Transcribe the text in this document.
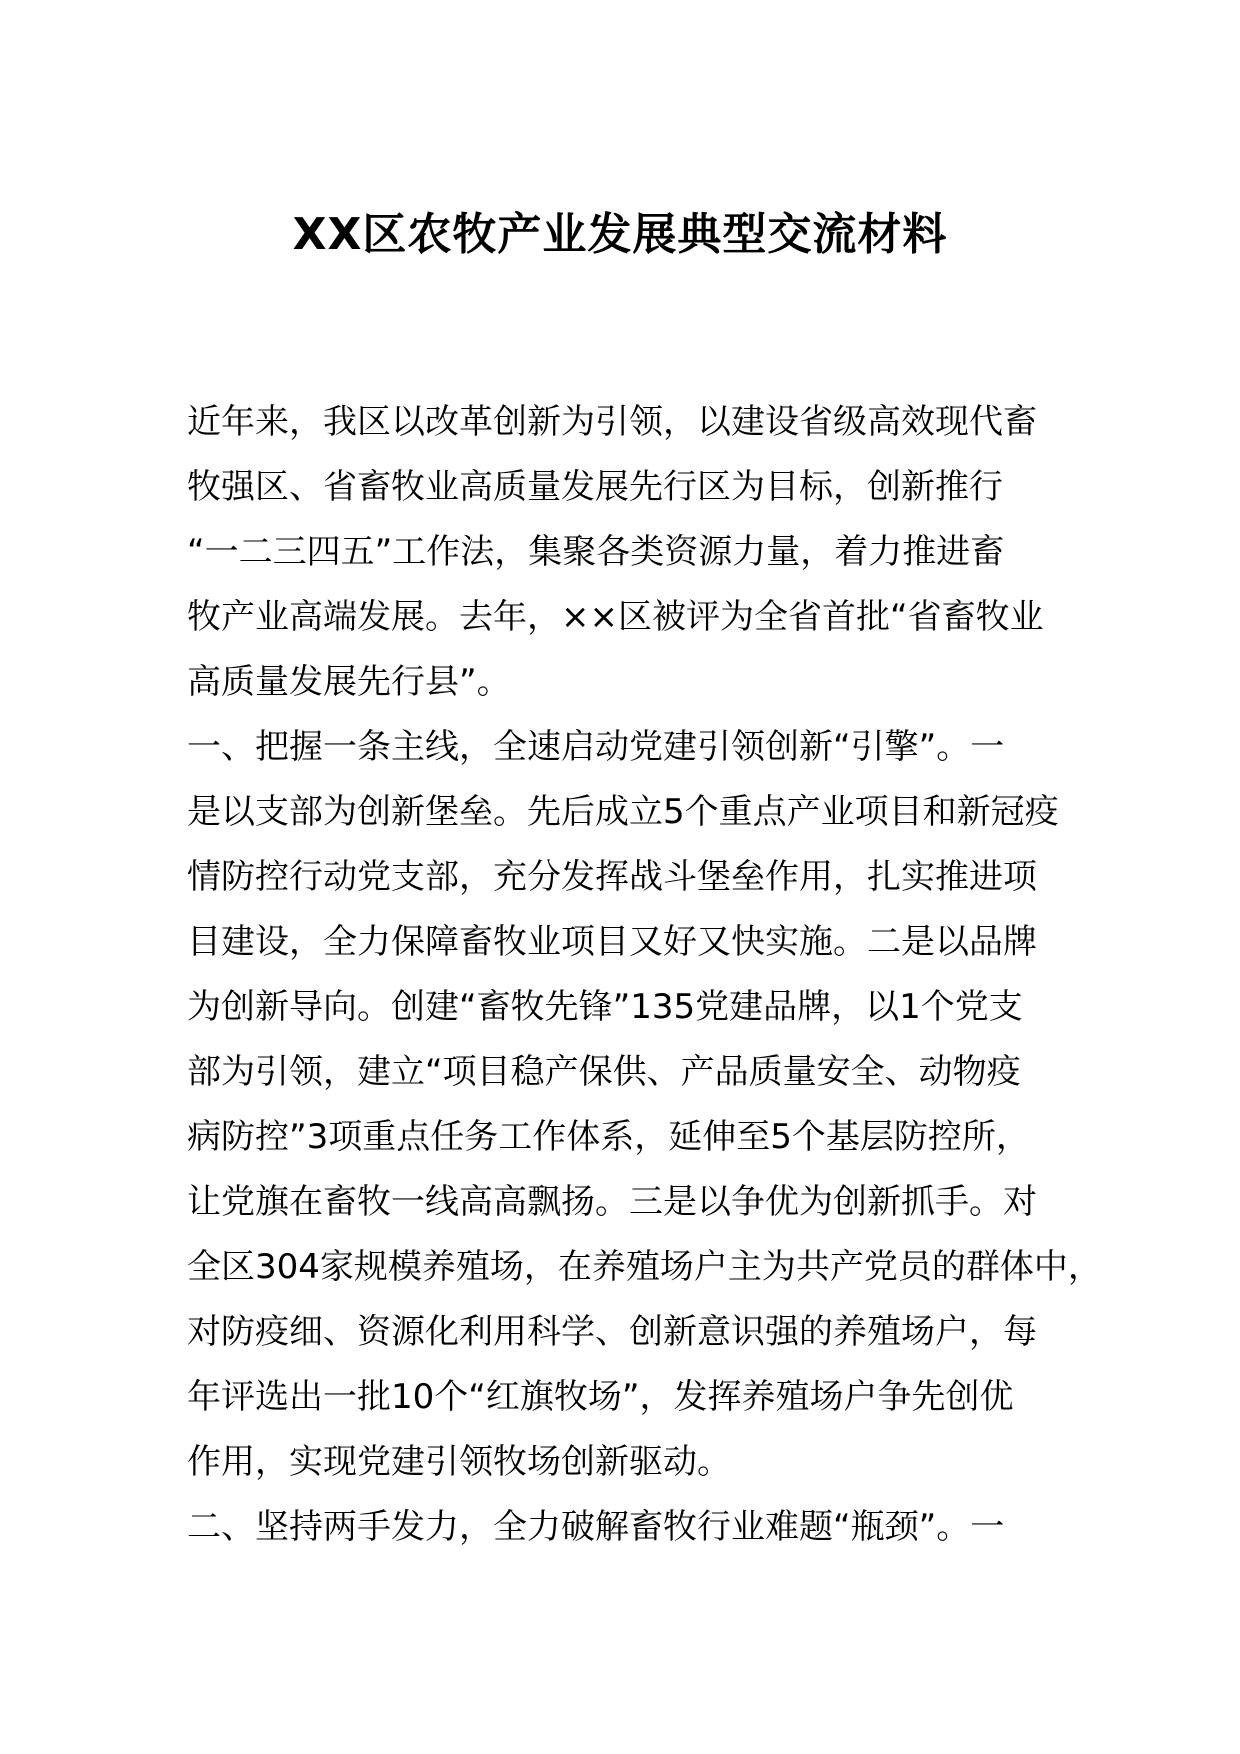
XX区农牧产业发展典型交流材料
近年来，我区以改革创新为引领，以建设省级高效现代畜
牧强区、省畜牧业高质量发展先行区为目标，创新推行
“一二三四五”工作法，集聚各类资源力量，着力推进畜
牧产业高端发展。去年，××区被评为全省首批“省畜牧业
高质量发展先行县”。
一、把握一条主线，全速启动党建引领创新“引擎”。一
是以支部为创新堡垒。先后成立5个重点产业项目和新冠疫
情防控行动党支部，充分发挥战斗堡垒作用，扎实推进项
目建设，全力保障畜牧业项目又好又快实施。二是以品牌
为创新导向。创建“畜牧先锋”135党建品牌，以1个党支
部为引领，建立“项目稳产保供、产品质量安全、动物疫
病防控”3项重点任务工作体系，延伸至5个基层防控所，
让党旗在畜牧一线高高飘扬。三是以争优为创新抓手。对
全区304家规模养殖场，在养殖场户主为共产党员的群体中，
对防疫细、资源化利用科学、创新意识强的养殖场户，每
年评选出一批10个“红旗牧场”，发挥养殖场户争先创优
作用，实现党建引领牧场创新驱动。
二、坚持两手发力，全力破解畜牧行业难题“瓶颈”。一
